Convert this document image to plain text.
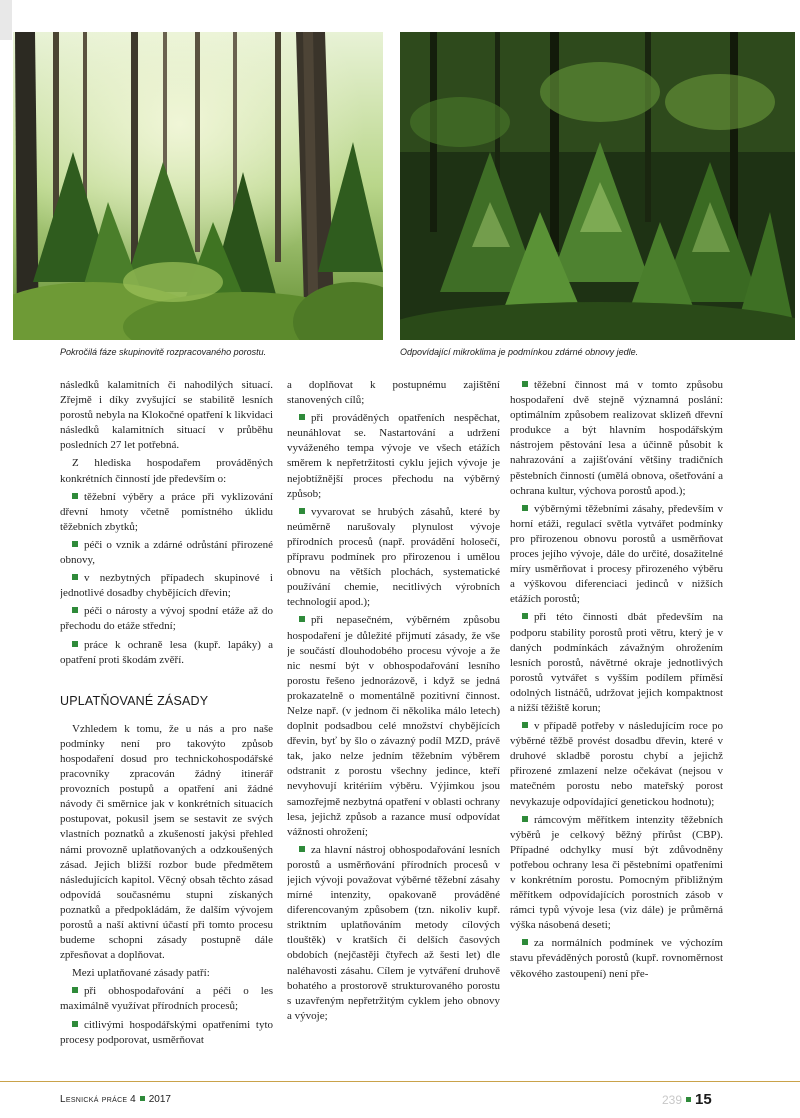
Pokročilá fáze skupinovitě rozpracovaného porostu.	Odpovídající mikroklima je podmínkou zdárné obnovy jedle.

následků kalamitních či nahodilých situací. Zřejmě i díky zvyšující se stabilitě lesních porostů nebyla na Klokočné opatření k likvidaci následků kalamitních situací v průběhu posledních 27 let potřebná.

Z hlediska hospodařem prováděných konkrétních činností jde především o:

těžební výběry a práce při vyklizování dřevní hmoty včetně pomístného úklidu těžebních zbytků;

péči o vznik a zdárné odrůstání přirozené obnovy,

v nezbytných případech skupinové i jednotlivé dosadby chybějících dřevin;

péči o nárosty a vývoj spodní etáže až do přechodu do etáže střední;

práce k ochraně lesa (kupř. lapáky) a opatření proti škodám zvěří.

UPLATŇOVANÉ ZÁSADY

Vzhledem k tomu, že u nás a pro naše podmínky není pro takovýto způsob hospodaření dosud pro technickohospodářské pracovníky zpracován žádný itinerář provozních postupů a opatření ani žádné návody či směrnice jak v konkrétních situacích postupovat, pokusil jsem se sestavit ze svých vlastních poznatků a zkušeností jakýsi přehled námi provozně uplatňovaných a odzkoušených zásad. Jejich bližší rozbor bude předmětem následujících kapitol. Věcný obsah těchto zásad odpovídá současnému stupni získaných poznatků a předpokládám, že dalším vývojem porostů a naší aktivní účastí při tomto procesu budeme schopni zásady postupně dále zpřesňovat a doplňovat.

Mezi uplatňované zásady patří:

při obhospodařování a péči o les maximálně využívat přírodních procesů;

citlivými hospodářskými opatřeními tyto procesy podporovat, usměrňovat

a doplňovat k postupnému zajištění stanovených cílů;

při prováděných opatřeních nespěchat, neunáhlovat se. Nastartování a udržení vyváženého tempa vývoje ve všech etážích směrem k nepřetržitosti cyklu jejich vývoje je nejobtížnější proces přechodu na výběrný způsob;

vyvarovat se hrubých zásahů, které by neúměrně narušovaly plynulost vývoje přírodních procesů (např. provádění holosečí, přípravu podmínek pro přirozenou i umělou obnovu na větších plochách, systematické používání chemie, necitlivých výrobních technologií apod.);

při nepasečném, výběrném způsobu hospodaření je důležité přijmutí zásady, že vše je součástí dlouhodobého procesu vývoje a že nic nesmí být v obhospodařování lesního porostu řešeno jednorázově, i když se jedná prokazatelně o momentálně pozitivní činnost. Nelze např. (v jednom či několika málo letech) doplnit podsadbou celé množství chybějících dřevin, byť by šlo o závazný podíl MZD, právě tak, jako nelze jedním těžebním výběrem odstranit z porostu všechny jedince, kteří nevyhovují kritériím výběru. Výjimkou jsou samozřejmě nezbytná opatření v oblasti ochrany lesa, jejichž způsob a razance musí odpovídat vážnosti ohrožení;

za hlavní nástroj obhospodařování lesních porostů a usměrňování přírodních procesů v jejich vývoji považovat výběrné těžební zásahy mírné intenzity, opakovaně prováděné diferencovaným způsobem (tzn. nikoliv kupř. striktním uplatňováním metody cílových tlouštěk) v kratších či delších časových obdobích (nejčastěji čtyřech až šesti let) dle naléhavosti zásahu. Cílem je vytváření druhově bohatého a prostorově strukturovaného porostu s uzavřeným nepřetržitým cyklem jeho obnovy a vývoje;

těžební činnost má v tomto způsobu hospodaření dvě stejně významná poslání: optimálním způsobem realizovat sklizeň dřevní produkce a být hlavním hospodářským nástrojem pěstování lesa a účinně působit k nahrazování a zajišťování většiny tradičních pěstebních činností (umělá obnova, ošetřování a ochrana kultur, výchova porostů apod.);

výběrnými těžebními zásahy, především v horní etáži, regulací světla vytvářet podmínky pro přirozenou obnovu porostů a usměrňovat proces jejího vývoje, dále do určité, dosažitelné míry usměrňovat i procesy přirozeného výběru a výškovou diferenciaci jedinců v nižších etážích porostů;

při této činnosti dbát především na podporu stability porostů proti větru, který je v daných podmínkách závažným ohrožením lesních porostů, návětrné okraje jednotlivých porostů vytvářet s vyšším podílem příměsí odolných listnáčů, udržovat jejich kompaktnost a nižší těžiště korun;

v případě potřeby v následujícím roce po výběrné těžbě provést dosadbu dřevin, které v druhové skladbě porostu chybí a jejichž přirozené zmlazení nelze očekávat (nejsou v matečném porostu nebo mateřský porost nevykazuje odpovídající genetickou hodnotu);

rámcovým měřítkem intenzity těžebních výběrů je celkový běžný přírůst (CBP). Případné odchylky musí být zdůvodněny potřebou ochrany lesa či pěstebními opatřeními v konkrétním porostu. Pomocným přibližným měřítkem odpovídajících porostních zásob v rámci typů vývoje lesa (viz dále) je průměrná výška násobená deseti;

za normálních podmínek ve výchozím stavu převáděných porostů (kupř. rovnoměrnost věkového zastoupení) není pře-

Lesnická práce 4 2017	239 15
